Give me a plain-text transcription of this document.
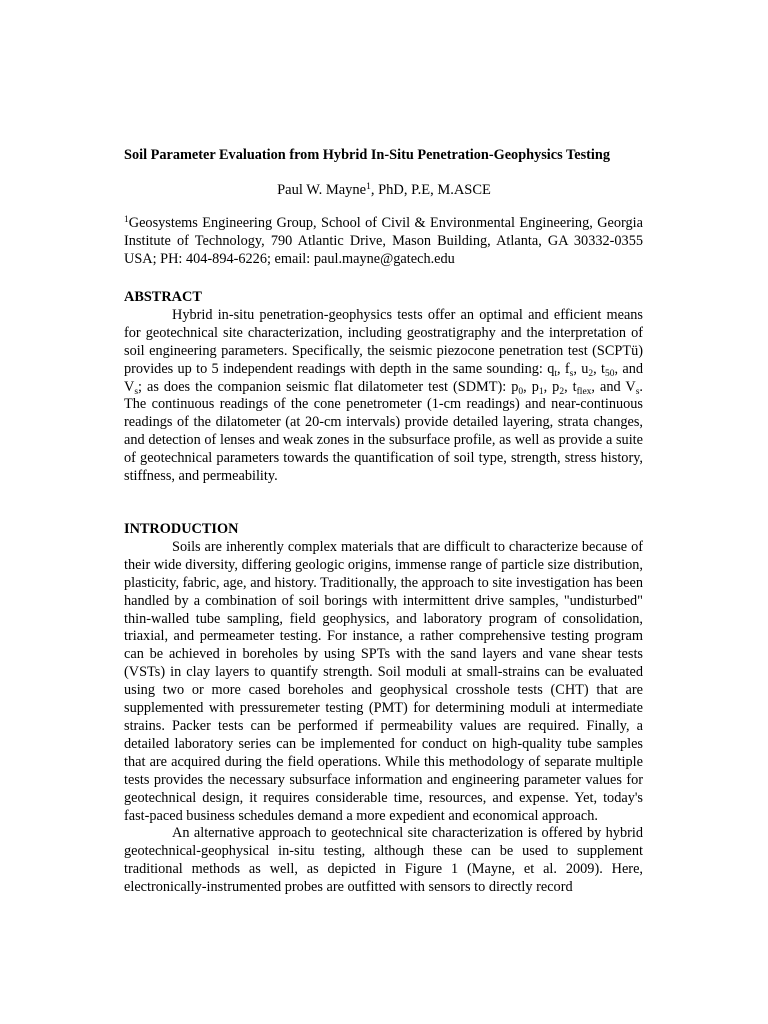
Soil Parameter Evaluation from Hybrid In-Situ Penetration-Geophysics Testing
Paul W. Mayne$^1$, PhD, P.E, M.ASCE

$^1$Geosystems Engineering Group, School of Civil & Environmental Engineering, Georgia Institute of Technology, 790 Atlantic Drive, Mason Building, Atlanta, GA 30332-0355 USA; PH: 404-894-6226; email: paul.mayne@gatech.edu

ABSTRACT

Hybrid in-situ penetration-geophysics tests offer an optimal and efficient means for geotechnical site characterization, including geostratigraphy and the interpretation of soil engineering parameters. Specifically, the seismic piezocone penetration test (SCPTü) provides up to 5 independent readings with depth in the same sounding: $q_t$, $f_s$, $u_2$, $t_{50}$, and $V_s$; as does the companion seismic flat dilatometer test (SDMT): $p_0$, $p_1$, $p_2$, $t_{flex}$, and $V_s$. The continuous readings of the cone penetrometer (1-cm readings) and near-continuous readings of the dilatometer (at 20-cm intervals) provide detailed layering, strata changes, and detection of lenses and weak zones in the subsurface profile, as well as provide a suite of geotechnical parameters towards the quantification of soil type, strength, stress history, stiffness, and permeability.

INTRODUCTION

Soils are inherently complex materials that are difficult to characterize because of their wide diversity, differing geologic origins, immense range of particle size distribution, plasticity, fabric, age, and history. Traditionally, the approach to site investigation has been handled by a combination of soil borings with intermittent drive samples, "undisturbed" thin-walled tube sampling, field geophysics, and laboratory program of consolidation, triaxial, and permeameter testing. For instance, a rather comprehensive testing program can be achieved in boreholes by using SPTs with the sand layers and vane shear tests (VSTs) in clay layers to quantify strength. Soil moduli at small-strains can be evaluated using two or more cased boreholes and geophysical crosshole tests (CHT) that are supplemented with pressuremeter testing (PMT) for determining moduli at intermediate strains. Packer tests can be performed if permeability values are required. Finally, a detailed laboratory series can be implemented for conduct on high-quality tube samples that are acquired during the field operations. While this methodology of separate multiple tests provides the necessary subsurface information and engineering parameter values for geotechnical design, it requires considerable time, resources, and expense. Yet, today's fast-paced business schedules demand a more expedient and economical approach.

An alternative approach to geotechnical site characterization is offered by hybrid geotechnical-geophysical in-situ testing, although these can be used to supplement traditional methods as well, as depicted in Figure 1 (Mayne, et al. 2009). Here, electronically-instrumented probes are outfitted with sensors to directly record
